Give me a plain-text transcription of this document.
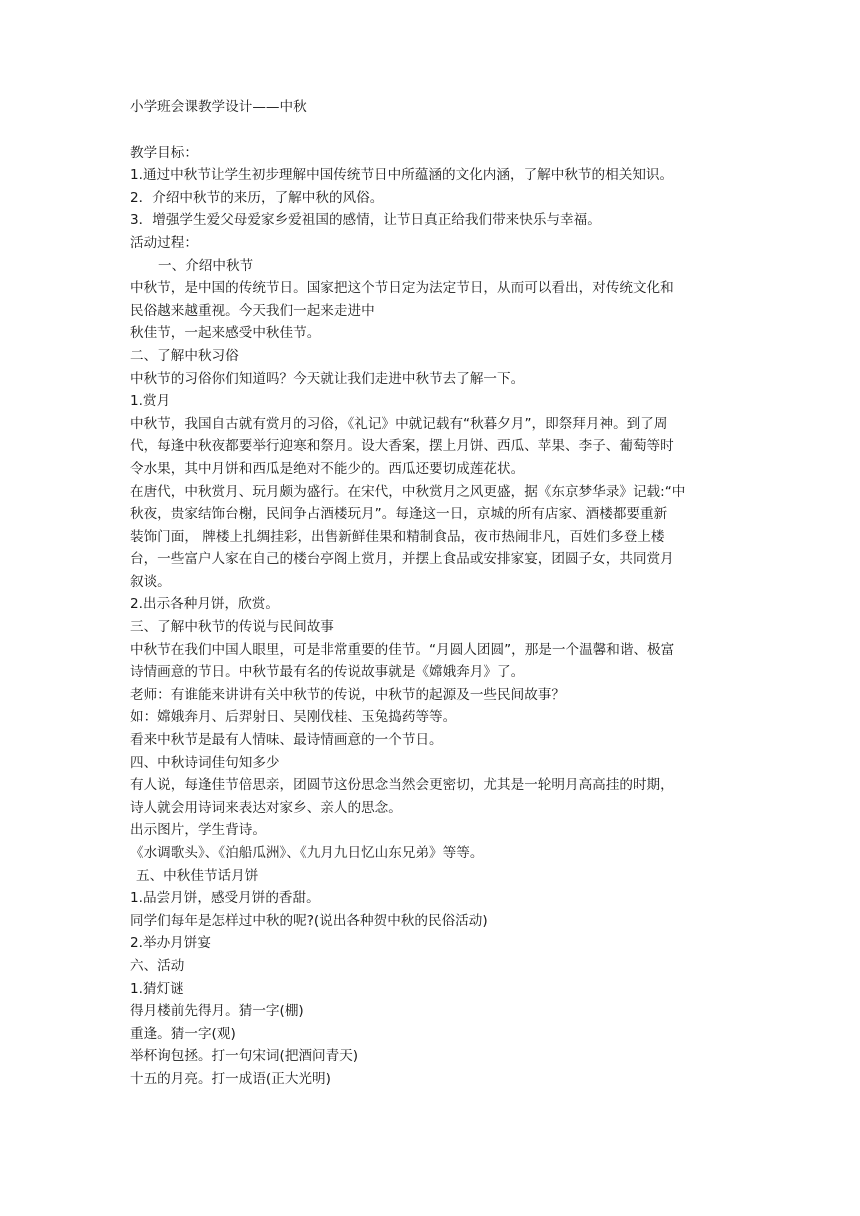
小学班会课教学设计——中秋
教学目标：
1.通过中秋节让学生初步理解中国传统节日中所蕴涵的文化内涵，了解中秋节的相关知识。
2．介绍中秋节的来历，了解中秋的风俗。
3．增强学生爱父母爱家乡爱祖国的感情，让节日真正给我们带来快乐与幸福。
活动过程：
一、介绍中秋节
中秋节，是中国的传统节日。国家把这个节日定为法定节日，从而可以看出，对传统文化和
民俗越来越重视。今天我们一起来走进中
秋佳节，一起来感受中秋佳节。
二、了解中秋习俗
中秋节的习俗你们知道吗？今天就让我们走进中秋节去了解一下。
1.赏月
中秋节，我国自古就有赏月的习俗，《礼记》中就记载有“秋暮夕月”，即祭拜月神。到了周
代，每逢中秋夜都要举行迎寒和祭月。设大香案，摆上月饼、西瓜、苹果、李子、葡萄等时
令水果，其中月饼和西瓜是绝对不能少的。西瓜还要切成莲花状。
在唐代，中秋赏月、玩月颇为盛行。在宋代，中秋赏月之风更盛，据《东京梦华录》记载:“中
秋夜，贵家结饰台榭，民间争占酒楼玩月”。每逢这一日，京城的所有店家、酒楼都要重新
装饰门面， 牌楼上扎绸挂彩，出售新鲜佳果和精制食品，夜市热闹非凡，百姓们多登上楼
台，一些富户人家在自己的楼台亭阁上赏月，并摆上食品或安排家宴，团圆子女，共同赏月
叙谈。
2.出示各种月饼，欣赏。
三、了解中秋节的传说与民间故事
中秋节在我们中国人眼里，可是非常重要的佳节。“月圆人团圆”，那是一个温馨和谐、极富
诗情画意的节日。中秋节最有名的传说故事就是《嫦娥奔月》了。
老师：有谁能来讲讲有关中秋节的传说，中秋节的起源及一些民间故事？
如：嫦娥奔月、后羿射日、吴刚伐桂、玉兔捣药等等。
看来中秋节是最有人情味、最诗情画意的一个节日。
四、中秋诗词佳句知多少
有人说，每逢佳节倍思亲，团圆节这份思念当然会更密切，尤其是一轮明月高高挂的时期，
诗人就会用诗词来表达对家乡、亲人的思念。
出示图片，学生背诗。
《水调歌头》、《泊船瓜洲》、《九月九日忆山东兄弟》等等。
五、中秋佳节话月饼
1.品尝月饼，感受月饼的香甜。
同学们每年是怎样过中秋的呢?(说出各种贺中秋的民俗活动)
2.举办月饼宴
六、活动
1.猜灯谜
得月楼前先得月。猜一字(棚)
重逢。猜一字(观)
举杯询包拯。打一句宋词(把酒问青天)
十五的月亮。打一成语(正大光明)
